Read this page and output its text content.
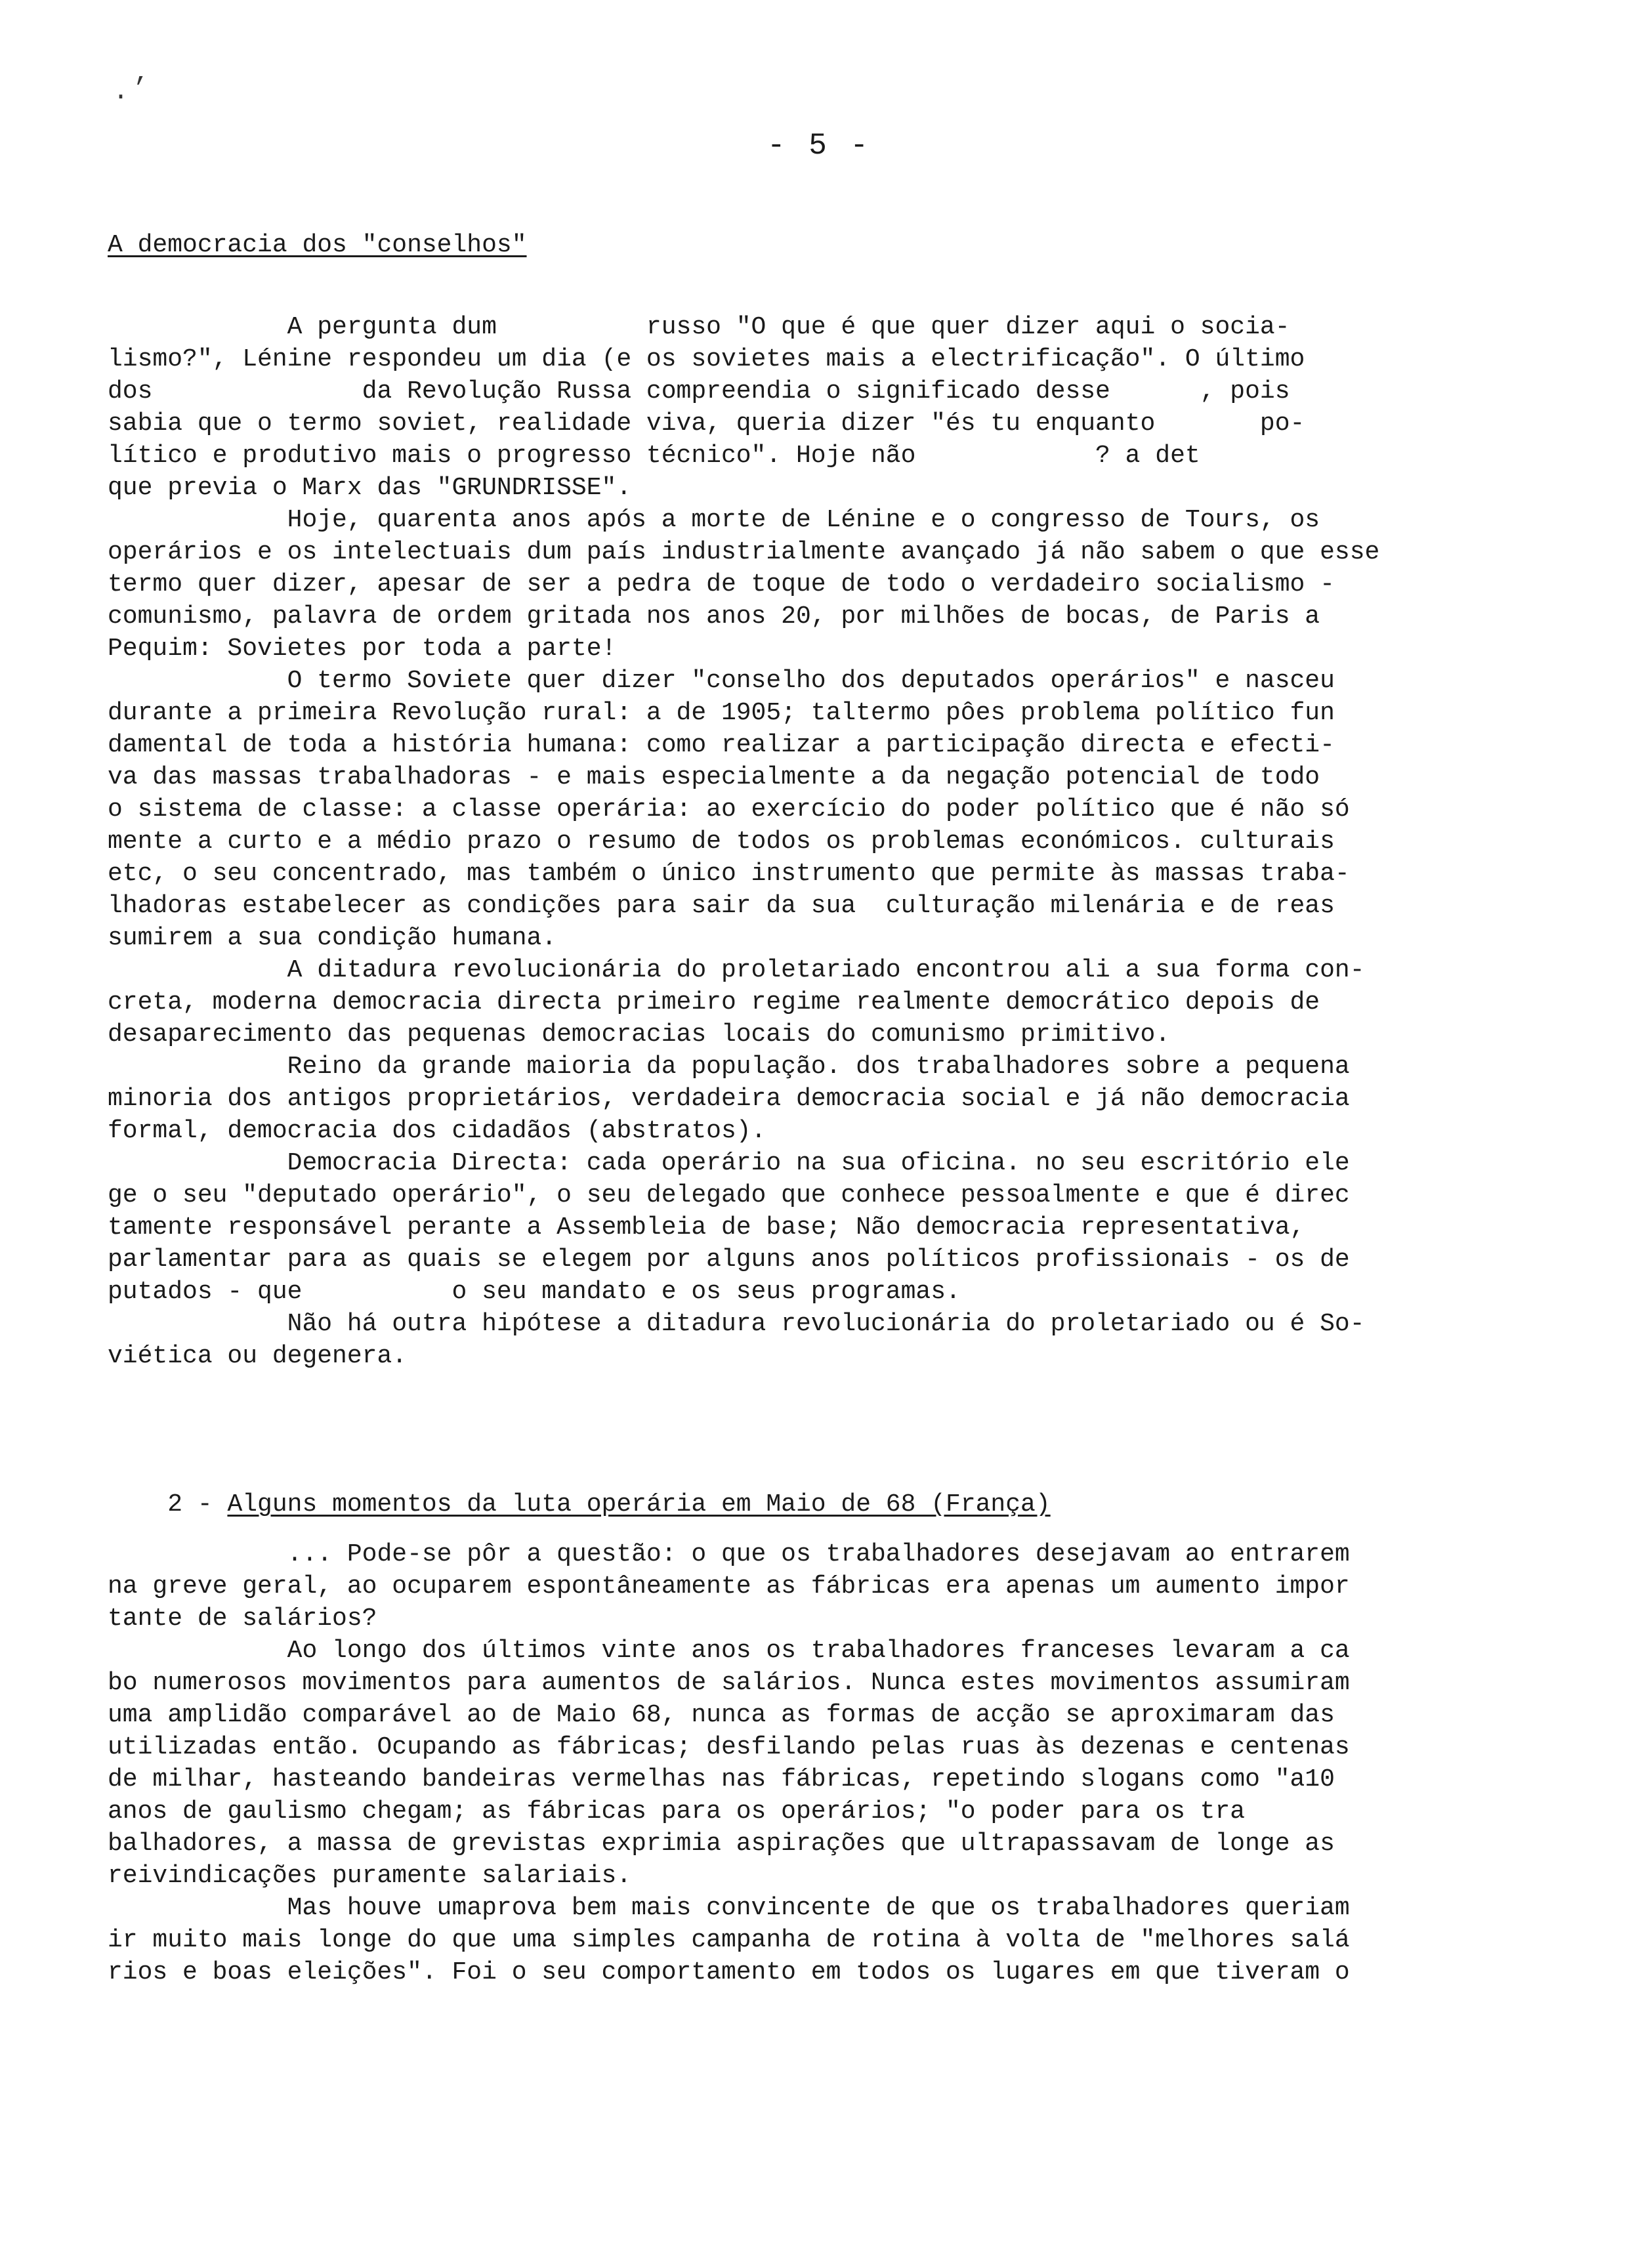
,
.
- 5 -
A democracia dos "conselhos"
A pergunta dum          russo "O que é que quer dizer aqui o socia-
lismo?", Lénine respondeu um dia (e os sovietes mais a electrificação". O último
dos              da Revolução Russa compreendia o significado desse      , pois
sabia que o termo soviet, realidade viva, queria dizer "és tu enquanto       po-
lítico e produtivo mais o progresso técnico". Hoje não            ? a det
que previa o Marx das "GRUNDRISSE".
Hoje, quarenta anos após a morte de Lénine e o congresso de Tours, os
operários e os intelectuais dum país industrialmente avançado já não sabem o que esse
termo quer dizer, apesar de ser a pedra de toque de todo o verdadeiro socialismo -
comunismo, palavra de ordem gritada nos anos 20, por milhões de bocas, de Paris a
Pequim: Sovietes por toda a parte!
O termo Soviete quer dizer "conselho dos deputados operários" e nasceu
durante a primeira Revolução rural: a de 1905; taltermo pôes problema político fun
damental de toda a história humana: como realizar a participação directa e efecti-
va das massas trabalhadoras - e mais especialmente a da negação potencial de todo
o sistema de classe: a classe operária: ao exercício do poder político que é não só
mente a curto e a médio prazo o resumo de todos os problemas económicos. culturais
etc, o seu concentrado, mas também o único instrumento que permite às massas traba-
lhadoras estabelecer as condições para sair da sua  culturação milenária e de reas
sumirem a sua condição humana.
A ditadura revolucionária do proletariado encontrou ali a sua forma con-
creta, moderna democracia directa primeiro regime realmente democrático depois de
desaparecimento das pequenas democracias locais do comunismo primitivo.
Reino da grande maioria da população. dos trabalhadores sobre a pequena
minoria dos antigos proprietários, verdadeira democracia social e já não democracia
formal, democracia dos cidadãos (abstratos).
Democracia Directa: cada operário na sua oficina. no seu escritório ele
ge o seu "deputado operário", o seu delegado que conhece pessoalmente e que é direc
tamente responsável perante a Assembleia de base; Não democracia representativa,
parlamentar para as quais se elegem por alguns anos políticos profissionais - os de
putados - que          o seu mandato e os seus programas.
Não há outra hipótese a ditadura revolucionária do proletariado ou é So-
viética ou degenera.

2 - Alguns momentos da luta operária em Maio de 68 (França)

... Pode-se pôr a questão: o que os trabalhadores desejavam ao entrarem
na greve geral, ao ocuparem espontâneamente as fábricas era apenas um aumento impor
tante de salários?
Ao longo dos últimos vinte anos os trabalhadores franceses levaram a ca
bo numerosos movimentos para aumentos de salários. Nunca estes movimentos assumiram
uma amplidão comparável ao de Maio 68, nunca as formas de acção se aproximaram das
utilizadas então. Ocupando as fábricas; desfilando pelas ruas às dezenas e centenas
de milhar, hasteando bandeiras vermelhas nas fábricas, repetindo slogans como "a10
anos de gaulismo chegam; as fábricas para os operários; "o poder para os tra
balhadores, a massa de grevistas exprimia aspirações que ultrapassavam de longe as
reivindicações puramente salariais.
Mas houve umaprova bem mais convincente de que os trabalhadores queriam
ir muito mais longe do que uma simples campanha de rotina à volta de "melhores salá
rios e boas eleições". Foi o seu comportamento em todos os lugares em que tiveram o
